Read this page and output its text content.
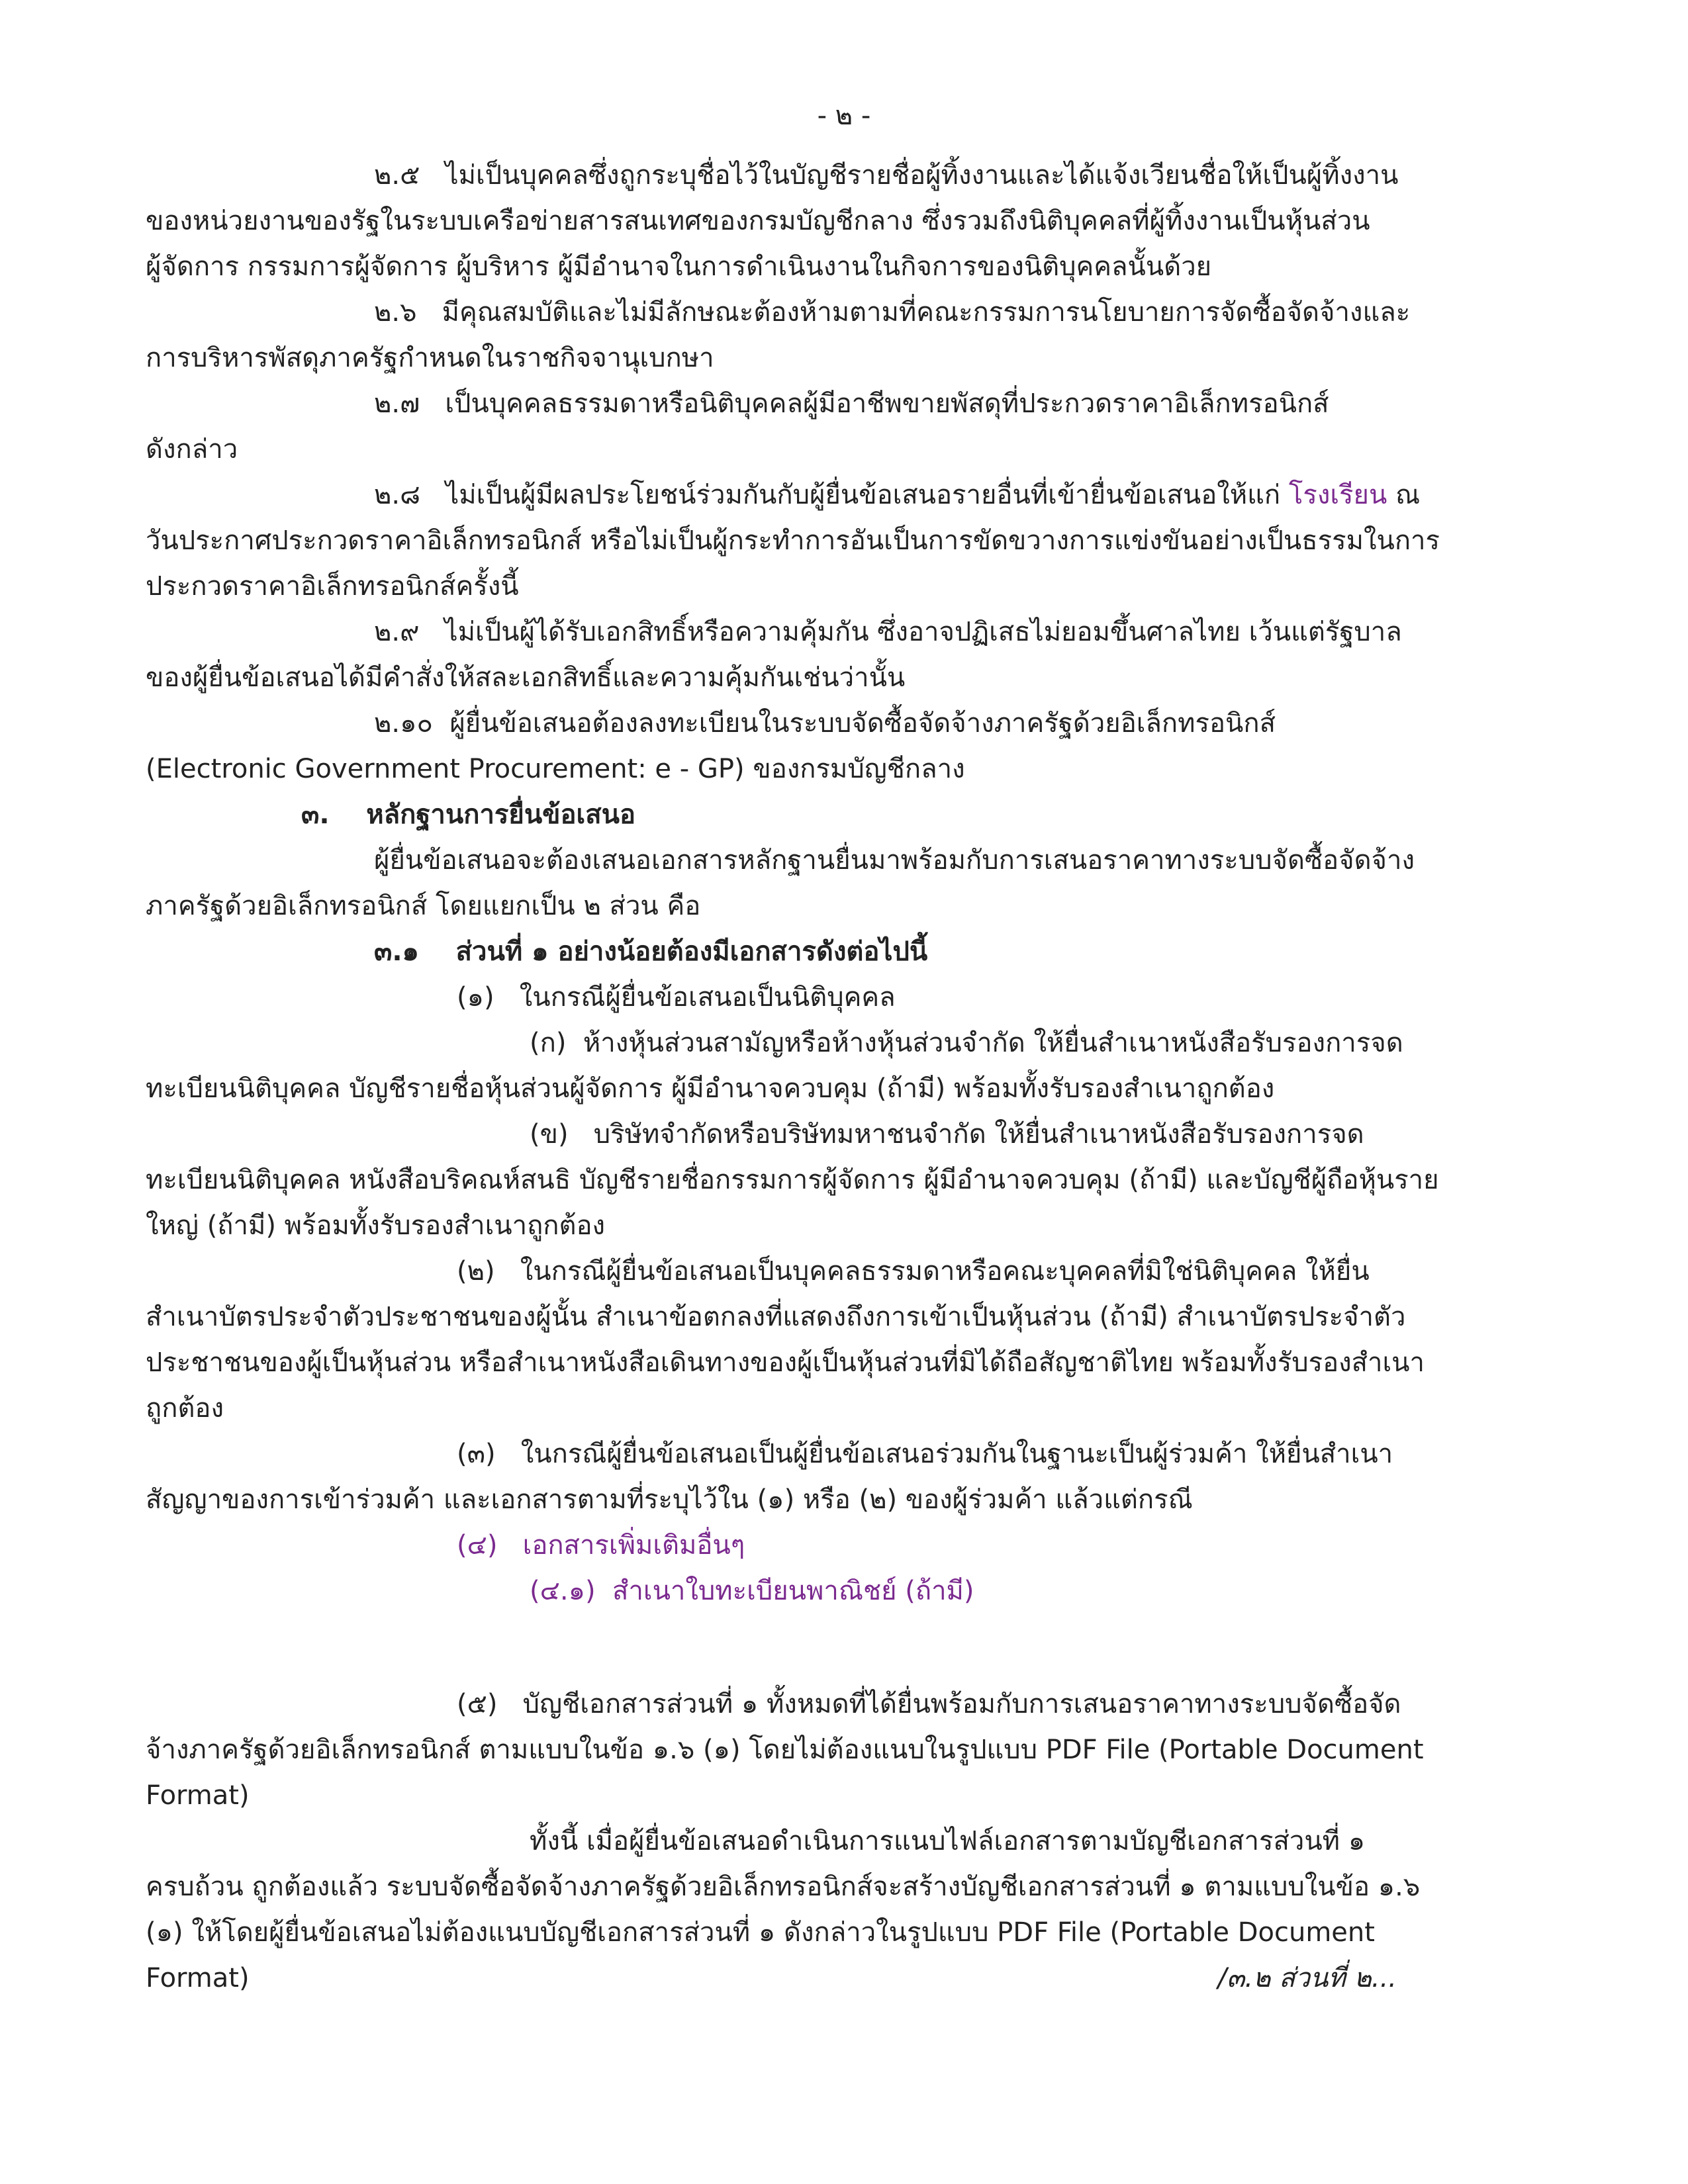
- ๒ -
๒.๕ ไม่เป็นบุคคลซึ่งถูกระบุชื่อไว้ในบัญชีรายชื่อผู้ทิ้งงานและได้แจ้งเวียนชื่อให้เป็นผู้ทิ้งงาน
ของหน่วยงานของรัฐในระบบเครือข่ายสารสนเทศของกรมบัญชีกลาง ซึ่งรวมถึงนิติบุคคลที่ผู้ทิ้งงานเป็นหุ้นส่วน
ผู้จัดการ กรรมการผู้จัดการ ผู้บริหาร ผู้มีอำนาจในการดำเนินงานในกิจการของนิติบุคคลนั้นด้วย
๒.๖ มีคุณสมบัติและไม่มีลักษณะต้องห้ามตามที่คณะกรรมการนโยบายการจัดซื้อจัดจ้างและ
การบริหารพัสดุภาครัฐกำหนดในราชกิจจานุเบกษา
๒.๗ เป็นบุคคลธรรมดาหรือนิติบุคคลผู้มีอาชีพขายพัสดุที่ประกวดราคาอิเล็กทรอนิกส์
ดังกล่าว
๒.๘ ไม่เป็นผู้มีผลประโยชน์ร่วมกันกับผู้ยื่นข้อเสนอรายอื่นที่เข้ายื่นข้อเสนอให้แก่ โรงเรียน ณ
วันประกาศประกวดราคาอิเล็กทรอนิกส์ หรือไม่เป็นผู้กระทำการอันเป็นการขัดขวางการแข่งขันอย่างเป็นธรรมในการ
ประกวดราคาอิเล็กทรอนิกส์ครั้งนี้
๒.๙ ไม่เป็นผู้ได้รับเอกสิทธิ์หรือความคุ้มกัน ซึ่งอาจปฏิเสธไม่ยอมขึ้นศาลไทย เว้นแต่รัฐบาล
ของผู้ยื่นข้อเสนอได้มีคำสั่งให้สละเอกสิทธิ์และความคุ้มกันเช่นว่านั้น
๒.๑๐ ผู้ยื่นข้อเสนอต้องลงทะเบียนในระบบจัดซื้อจัดจ้างภาครัฐด้วยอิเล็กทรอนิกส์
(Electronic Government Procurement: e - GP) ของกรมบัญชีกลาง
๓. หลักฐานการยื่นข้อเสนอ
ผู้ยื่นข้อเสนอจะต้องเสนอเอกสารหลักฐานยื่นมาพร้อมกับการเสนอราคาทางระบบจัดซื้อจัดจ้าง
ภาครัฐด้วยอิเล็กทรอนิกส์ โดยแยกเป็น ๒ ส่วน คือ
๓.๑ ส่วนที่ ๑ อย่างน้อยต้องมีเอกสารดังต่อไปนี้
(๑) ในกรณีผู้ยื่นข้อเสนอเป็นนิติบุคคล
(ก) ห้างหุ้นส่วนสามัญหรือห้างหุ้นส่วนจำกัด ให้ยื่นสำเนาหนังสือรับรองการจด
ทะเบียนนิติบุคคล บัญชีรายชื่อหุ้นส่วนผู้จัดการ ผู้มีอำนาจควบคุม (ถ้ามี) พร้อมทั้งรับรองสำเนาถูกต้อง
(ข) บริษัทจำกัดหรือบริษัทมหาชนจำกัด ให้ยื่นสำเนาหนังสือรับรองการจด
ทะเบียนนิติบุคคล หนังสือบริคณห์สนธิ บัญชีรายชื่อกรรมการผู้จัดการ ผู้มีอำนาจควบคุม (ถ้ามี) และบัญชีผู้ถือหุ้นราย
ใหญ่ (ถ้ามี) พร้อมทั้งรับรองสำเนาถูกต้อง
(๒) ในกรณีผู้ยื่นข้อเสนอเป็นบุคคลธรรมดาหรือคณะบุคคลที่มิใช่นิติบุคคล ให้ยื่น
สำเนาบัตรประจำตัวประชาชนของผู้นั้น สำเนาข้อตกลงที่แสดงถึงการเข้าเป็นหุ้นส่วน (ถ้ามี) สำเนาบัตรประจำตัว
ประชาชนของผู้เป็นหุ้นส่วน หรือสำเนาหนังสือเดินทางของผู้เป็นหุ้นส่วนที่มิได้ถือสัญชาติไทย พร้อมทั้งรับรองสำเนา
ถูกต้อง
(๓) ในกรณีผู้ยื่นข้อเสนอเป็นผู้ยื่นข้อเสนอร่วมกันในฐานะเป็นผู้ร่วมค้า ให้ยื่นสำเนา
สัญญาของการเข้าร่วมค้า และเอกสารตามที่ระบุไว้ใน (๑) หรือ (๒) ของผู้ร่วมค้า แล้วแต่กรณี
(๔) เอกสารเพิ่มเติมอื่นๆ
(๔.๑) สำเนาใบทะเบียนพาณิชย์ (ถ้ามี)
(๕) บัญชีเอกสารส่วนที่ ๑ ทั้งหมดที่ได้ยื่นพร้อมกับการเสนอราคาทางระบบจัดซื้อจัด
จ้างภาครัฐด้วยอิเล็กทรอนิกส์ ตามแบบในข้อ ๑.๖ (๑) โดยไม่ต้องแนบในรูปแบบ PDF File (Portable Document
Format)
ทั้งนี้ เมื่อผู้ยื่นข้อเสนอดำเนินการแนบไฟล์เอกสารตามบัญชีเอกสารส่วนที่ ๑
ครบถ้วน ถูกต้องแล้ว ระบบจัดซื้อจัดจ้างภาครัฐด้วยอิเล็กทรอนิกส์จะสร้างบัญชีเอกสารส่วนที่ ๑ ตามแบบในข้อ ๑.๖
(๑) ให้โดยผู้ยื่นข้อเสนอไม่ต้องแนบบัญชีเอกสารส่วนที่ ๑ ดังกล่าวในรูปแบบ PDF File (Portable Document
Format)	/๓.๒ ส่วนที่ ๒...
